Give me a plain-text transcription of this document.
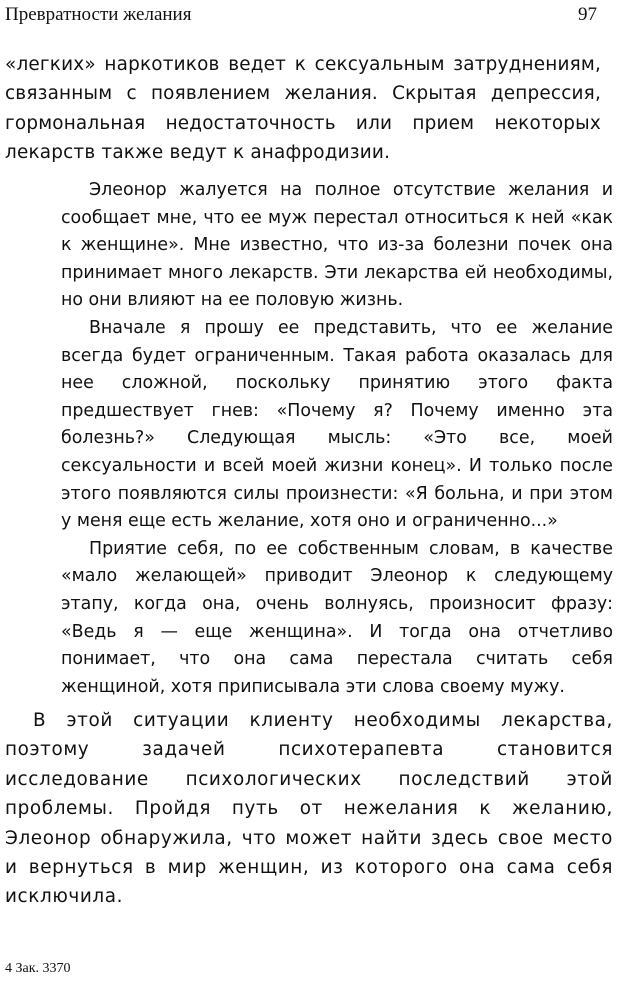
Превратности желания	97

«легких» наркотиков ведет к сексуальным затруднениям, связанным с появлением желания. Скрытая депрессия, гормональная недостаточность или прием некоторых лекарств также ведут к анафродизии.

Элеонор жалуется на полное отсутствие желания и сообщает мне, что ее муж перестал относиться к ней «как к женщине». Мне известно, что из-за болезни почек она принимает много лекарств. Эти лекарства ей необходимы, но они влияют на ее половую жизнь.

Вначале я прошу ее представить, что ее желание всегда будет ограниченным. Такая работа оказалась для нее сложной, поскольку принятию этого факта предшествует гнев: «Почему я? Почему именно эта болезнь?» Следующая мысль: «Это все, моей сексуальности и всей моей жизни конец». И только после этого появляются силы произнести: «Я больна, и при этом у меня еще есть желание, хотя оно и ограниченно...»

Приятие себя, по ее собственным словам, в качестве «мало желающей» приводит Элеонор к следующему этапу, когда она, очень волнуясь, произносит фразу: «Ведь я — еще женщина». И тогда она отчетливо понимает, что она сама перестала считать себя женщиной, хотя приписывала эти слова своему мужу.

В этой ситуации клиенту необходимы лекарства, поэтому задачей психотерапевта становится исследование психологических последствий этой проблемы. Пройдя путь от нежелания к желанию, Элеонор обнаружила, что может найти здесь свое место и вернуться в мир женщин, из которого она сама себя исключила.

4 Зак. 3370
